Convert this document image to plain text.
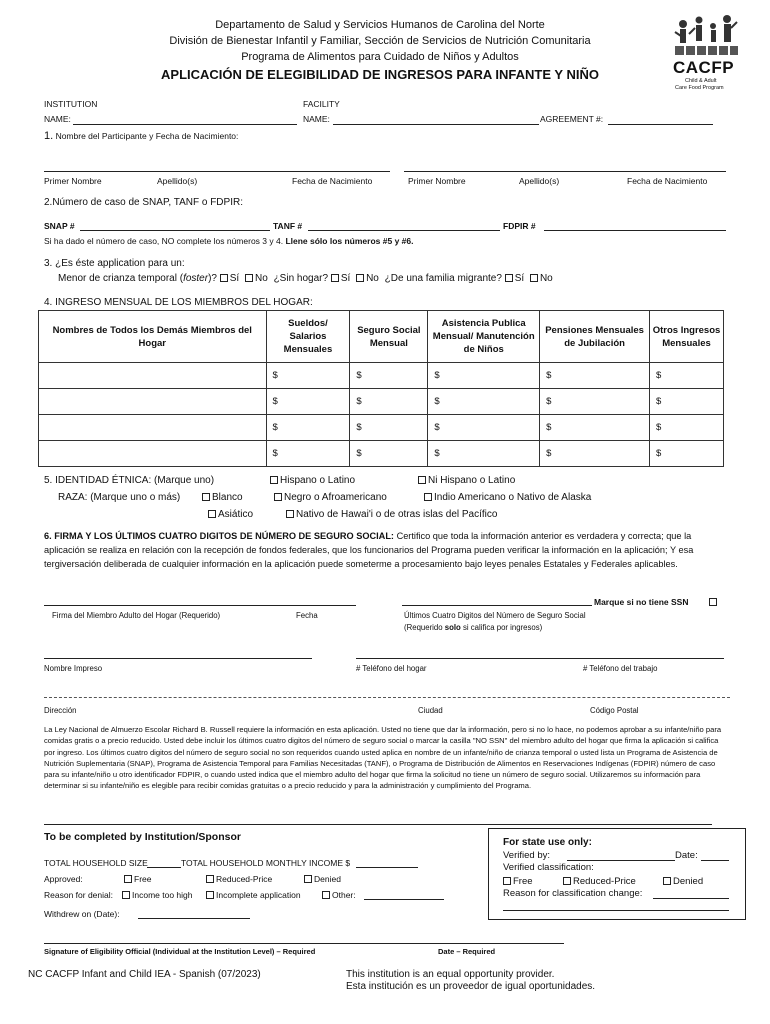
Departamento de Salud y Servicios Humanos de Carolina del Norte
División de Bienestar Infantil y Familiar, Sección de Servicios de Nutrición Comunitaria
Programa de Alimentos para Cuidado de Niños y Adultos
APLICACIÓN DE ELEGIBILIDAD DE INGRESOS PARA INFANTE Y NIÑO	CACFP
Child & Adult
Care Food Program
INSTITUTION
NAME:
FACILITY
NAME:	AGREEMENT #:
1. Nombre del Participante y Fecha de Nacimiento:
Primer Nombre	Apellido(s)	Fecha de Nacimiento	Primer Nombre	Apellido(s)	Fecha de Nacimiento
2.Número de caso de SNAP, TANF o FDPIR:
SNAP #	TANF #	FDPIR #
Si ha dado el número de caso, NO complete los números 3 y 4. Llene sólo los números #5 y #6.
3. ¿Es éste application para un:
Menor de crianza temporal (foster)? Sí No ¿Sin hogar? Sí No ¿De una familia migrante? Sí No
4. INGRESO MENSUAL DE LOS MIEMBROS DEL HOGAR:
Nombres de Todos los Demás Miembros del Hogar	Sueldos/ Salarios Mensuales	Seguro Social Mensual	Asistencia Publica Mensual/ Manutención de Niños	Pensiones Mensuales de Jubilación	Otros Ingresos Mensuales
	$	$	$	$	$
	$	$	$	$	$
	$	$	$	$	$
	$	$	$	$	$
5. IDENTIDAD ÉTNICA: (Marque uno)	Hispano o Latino	Ni Hispano o Latino
RAZA: (Marque uno o más)	Blanco	Negro o Afroamericano	Indio Americano o Nativo de Alaska
Asiático	Nativo de Hawai'i o de otras islas del Pacífico
6. FIRMA Y LOS ÚLTIMOS CUATRO DIGITOS DE NÚMERO DE SEGURO SOCIAL: Certifico que toda la información anterior es verdadera y correcta; que la aplicación se realiza en relación con la recepción de fondos federales, que los funcionarios del Programa pueden verificar la información en la aplicación; Y esa tergiversación deliberada de cualquier información en la aplicación puede someterme a procesamiento bajo leyes penales Estatales y Federales aplicables.
Marque si no tiene SSN
Firma del Miembro Adulto del Hogar (Requerido)	Fecha	Últimos Cuatro Digitos del Número de Seguro Social
(Requerido solo si califica por ingresos)
Nombre Impreso	# Teléfono del hogar	# Teléfono del trabajo
Dirección	Ciudad	Código Postal
La Ley Nacional de Almuerzo Escolar Richard B. Russell requiere la información en esta aplicación. Usted no tiene que dar la información, pero si no lo hace, no podemos aprobar a su infante/niño para comidas gratis o a precio reducido. Usted debe incluir los últimos cuatro digitos del número de seguro social o marcar la casilla "NO SSN" del miembro adulto del hogar que firma la aplicación si califica por ingreso. Los últimos cuatro digitos del número de seguro social no son requeridos cuando usted aplica en nombre de un infante/niño de crianza temporal o usted lista un Programa de Asistencia de Nutrición Suplementaria (SNAP), Programa de Asistencia Temporal para Familias Necesitadas (TANF), o Programa de Distribución de Alimentos en Reservaciones Indígenas (FDPIR) número de caso para su infante/niño u otro identificador FDPIR, o cuando usted indica que el miembro adulto del hogar que firma la solicitud no tiene un número de seguro social. Utilizaremos su información para determinar si su infante/niño es elegible para recibir comidas gratuitas o a precio reducido y para la administración y cumplimiento del Programa.
To be completed by Institution/Sponsor
TOTAL HOUSEHOLD SIZE	TOTAL HOUSEHOLD MONTHLY INCOME $
Approved:	Free	Reduced-Price	Denied
Reason for denial:	Income too high	Incomplete application	Other:
Withdrew on (Date):
For state use only:
Verified by:	Date:
Verified classification:
Free	Reduced-Price	Denied
Reason for classification change:
Signature of Eligibility Official (Individual at the Institution Level) – Required	Date – Required
NC CACFP Infant and Child IEA - Spanish (07/2023)	This institution is an equal opportunity provider.
Esta institución es un proveedor de igual oportunidades.
